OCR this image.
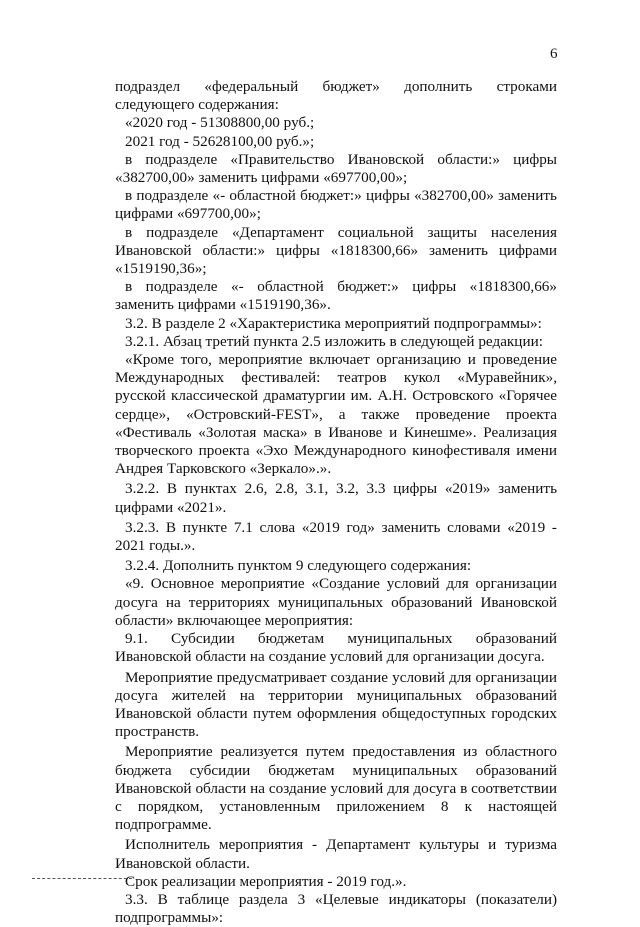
6

подраздел «федеральный бюджет» дополнить строками следующего содержания:

«2020 год - 51308800,00 руб.;

2021 год - 52628100,00 руб.»;

в подразделе «Правительство Ивановской области:» цифры «382700,00» заменить цифрами «697700,00»;

в подразделе «- областной бюджет:» цифры «382700,00» заменить цифрами «697700,00»;

в подразделе «Департамент социальной защиты населения Ивановской области:» цифры «1818300,66» заменить цифрами «1519190,36»;

в подразделе «- областной бюджет:» цифры «1818300,66» заменить цифрами «1519190,36».

3.2. В разделе 2 «Характеристика мероприятий подпрограммы»:

3.2.1. Абзац третий пункта 2.5 изложить в следующей редакции:

«Кроме того, мероприятие включает организацию и проведение Международных фестивалей: театров кукол «Муравейник», русской классической драматургии им. А.Н. Островского «Горячее сердце», «Островский-FEST», а также проведение проекта «Фестиваль «Золотая маска» в Иванове и Кинешме». Реализация творческого проекта «Эхо Международного кинофестиваля имени Андрея Тарковского «Зеркало».».

3.2.2. В пунктах 2.6, 2.8, 3.1, 3.2, 3.3 цифры «2019» заменить цифрами «2021».

3.2.3. В пункте 7.1 слова «2019 год» заменить словами «2019 - 2021 годы.».

3.2.4. Дополнить пунктом 9 следующего содержания:

«9. Основное мероприятие «Создание условий для организации досуга на территориях муниципальных образований Ивановской области» включающее мероприятия:

9.1. Субсидии бюджетам муниципальных образований Ивановской области на создание условий для организации досуга.

Мероприятие предусматривает создание условий для организации досуга жителей на территории муниципальных образований Ивановской области путем оформления общедоступных городских пространств.

Мероприятие реализуется путем предоставления из областного бюджета субсидии бюджетам муниципальных образований Ивановской области на создание условий для досуга в соответствии с порядком, установленным приложением 8 к настоящей подпрограмме.

Исполнитель мероприятия - Департамент культуры и туризма Ивановской области.

Срок реализации мероприятия - 2019 год.».

3.3. В таблице раздела 3 «Целевые индикаторы (показатели) подпрограммы»:
